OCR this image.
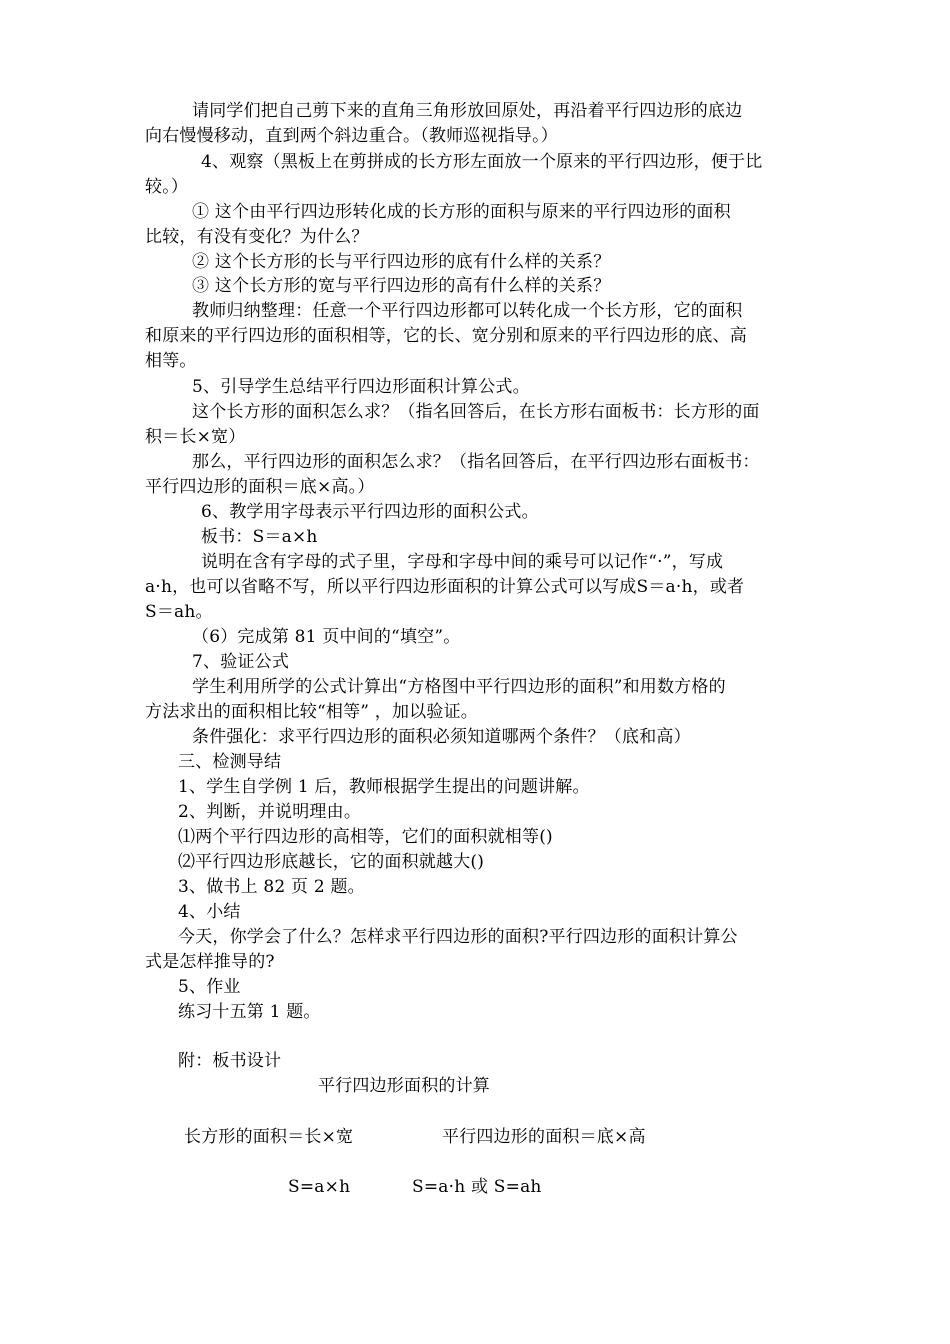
请同学们把自己剪下来的直角三角形放回原处，再沿着平行四边形的底边
向右慢慢移动，直到两个斜边重合。（教师巡视指导。）
4、观察（黑板上在剪拼成的长方形左面放一个原来的平行四边形，便于比
较。）
① 这个由平行四边形转化成的长方形的面积与原来的平行四边形的面积
比较，有没有变化？为什么？
② 这个长方形的长与平行四边形的底有什么样的关系？
③ 这个长方形的宽与平行四边形的高有什么样的关系？
教师归纳整理：任意一个平行四边形都可以转化成一个长方形，它的面积
和原来的平行四边形的面积相等，它的长、宽分别和原来的平行四边形的底、高
相等。
5、引导学生总结平行四边形面积计算公式。
这个长方形的面积怎么求？（指名回答后，在长方形右面板书：长方形的面
积＝长×宽）
那么，平行四边形的面积怎么求？（指名回答后，在平行四边形右面板书：
平行四边形的面积＝底×高。）
6、教学用字母表示平行四边形的面积公式。
板书：S＝a×h
说明在含有字母的式子里，字母和字母中间的乘号可以记作“·”，写成
a·h，也可以省略不写，所以平行四边形面积的计算公式可以写成S＝a·h，或者
S＝ah。
（6）完成第 81 页中间的“填空”。
7、验证公式
学生利用所学的公式计算出“方格图中平行四边形的面积”和用数方格的
方法求出的面积相比较“相等” ，加以验证。
条件强化：求平行四边形的面积必须知道哪两个条件？（底和高）
三、检测导结
1、学生自学例 1 后，教师根据学生提出的问题讲解。
2、判断，并说明理由。
⑴两个平行四边形的高相等，它们的面积就相等()
⑵平行四边形底越长，它的面积就越大()
3、做书上 82 页 2 题。
4、小结
今天，你学会了什么？怎样求平行四边形的面积?平行四边形的面积计算公
式是怎样推导的?
5、作业
练习十五第 1 题。
附：板书设计
平行四边形面积的计算
长方形的面积＝长×宽	平行四边形的面积＝底×高
S=a×h	S=a·h 或 S=ah
